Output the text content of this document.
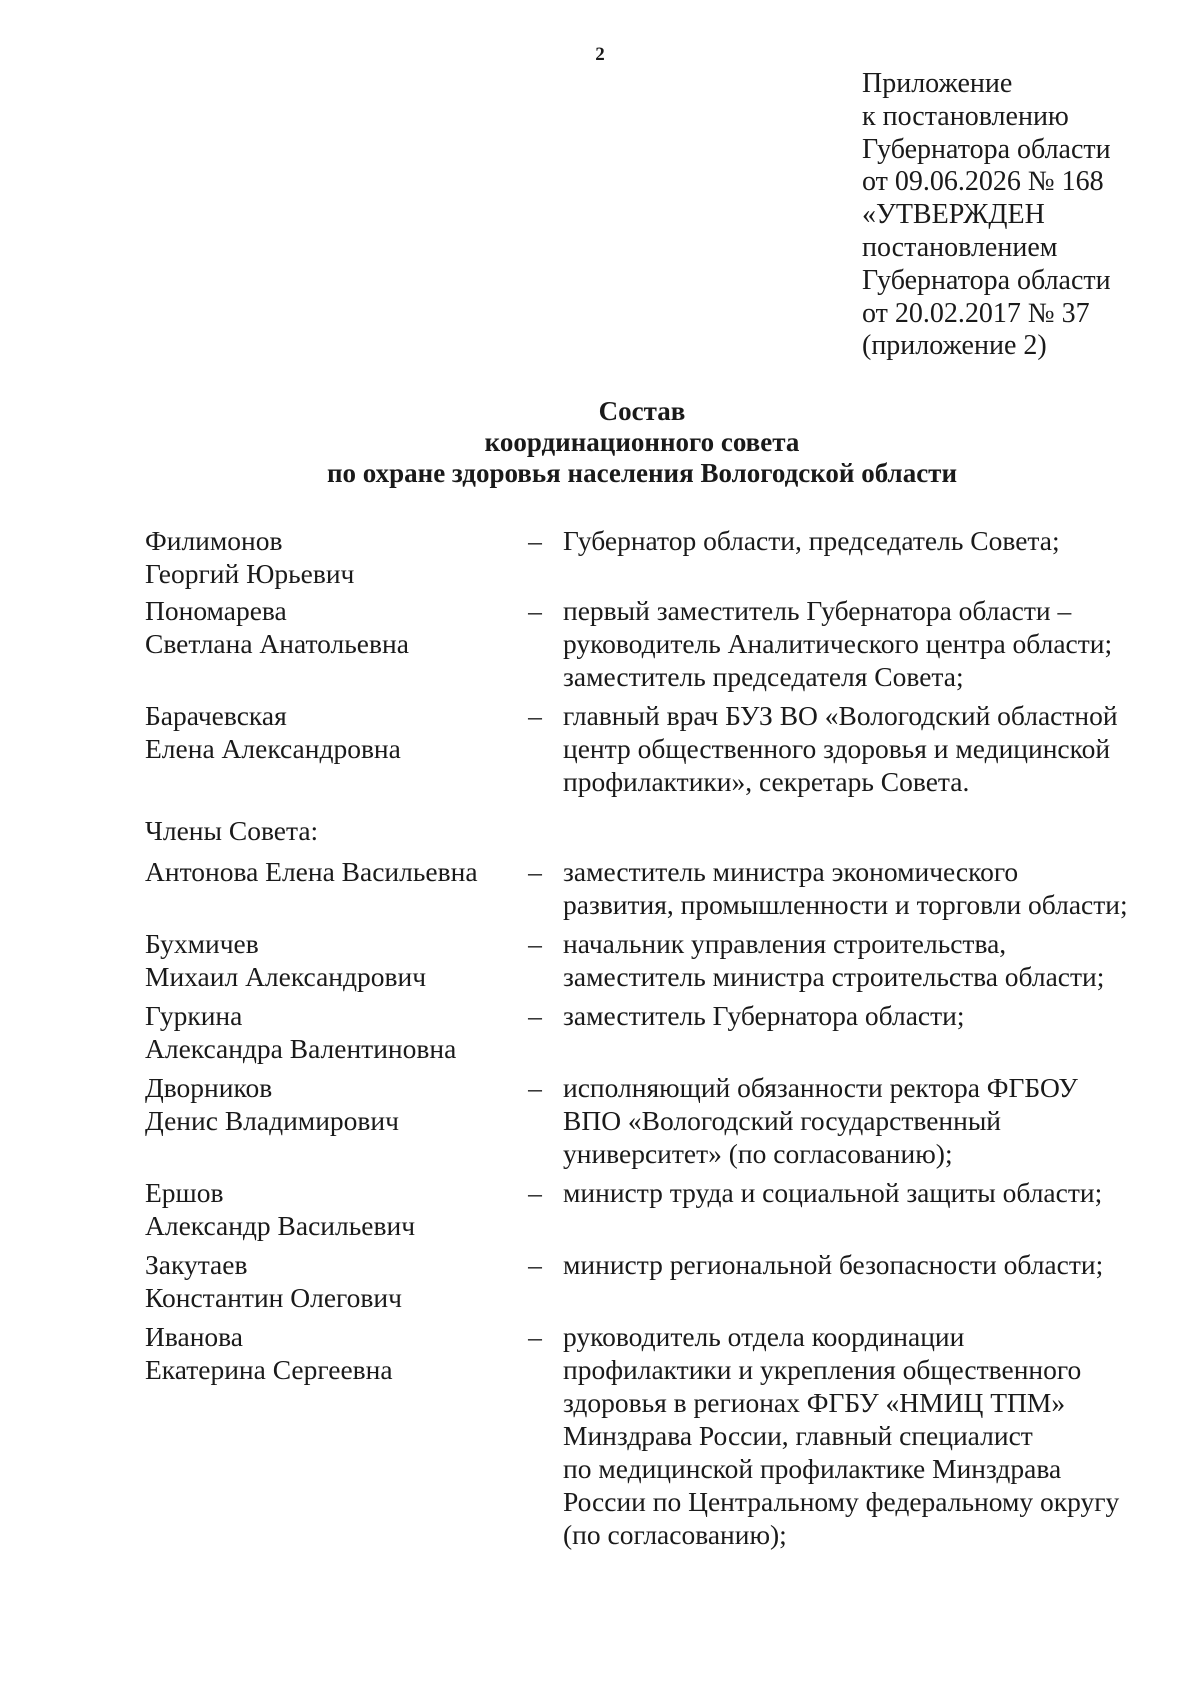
2
Приложение
к постановлению
Губернатора области
от 09.06.2026 № 168
«УТВЕРЖДЕН
постановлением
Губернатора области
от 20.02.2017 № 37
(приложение 2)
Состав
координационного совета
по охране здоровья населения Вологодской области
Филимонов
Георгий Юрьевич
– Губернатор области, председатель Совета;
Пономарева
Светлана Анатольевна
– первый заместитель Губернатора области –
руководитель Аналитического центра области;
заместитель председателя Совета;
Барачевская
Елена Александровна
– главный врач БУЗ ВО «Вологодский областной
центр общественного здоровья и медицинской
профилактики», секретарь Совета.
Члены Совета:
Антонова Елена Васильевна	– заместитель министра экономического
развития, промышленности и торговли области;
Бухмичев
Михаил Александрович
– начальник управления строительства,
заместитель министра строительства области;
Гуркина
Александра Валентиновна
– заместитель Губернатора области;
Дворников
Денис Владимирович
– исполняющий обязанности ректора ФГБОУ
ВПО «Вологодский государственный
университет» (по согласованию);
Ершов
Александр Васильевич
– министр труда и социальной защиты области;
Закутаев
Константин Олегович
– министр региональной безопасности области;
Иванова
Екатерина Сергеевна
– руководитель отдела координации
профилактики и укрепления общественного
здоровья в регионах ФГБУ «НМИЦ ТПМ»
Минздрава России, главный специалист
по медицинской профилактике Минздрава
России по Центральному федеральному округу
(по согласованию);
